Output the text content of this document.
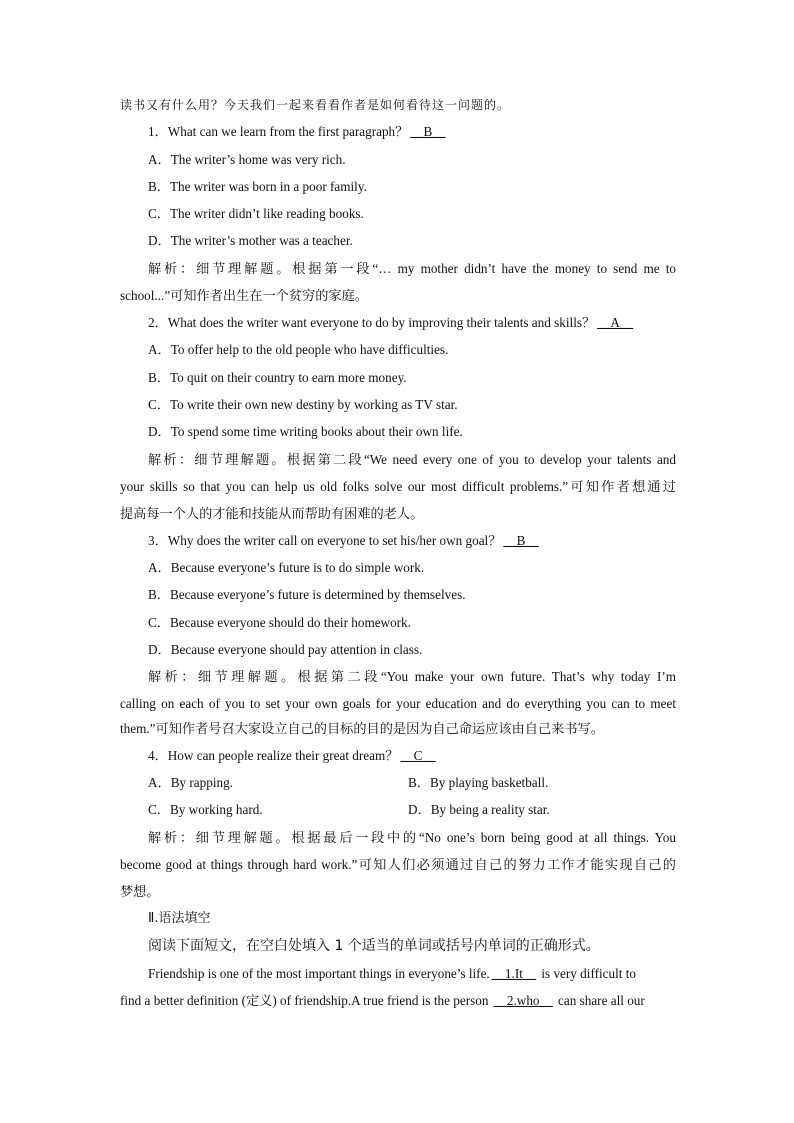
读书又有什么用？今天我们一起来看看作者是如何看待这一问题的。
1．What can we learn from the first paragraph？ __B__
A．The writer’s home was very rich.
B．The writer was born in a poor family.
C．The writer didn’t like reading books.
D．The writer’s mother was a teacher.
解析：细节理解题。根据第一段“… my mother didn’t have the money to send me to
school...”可知作者出生在一个贫穷的家庭。
2．What does the writer want everyone to do by improving their talents and skills？ __A__
A．To offer help to the old people who have difficulties.
B．To quit on their country to earn more money.
C．To write their own new destiny by working as TV star.
D．To spend some time writing books about their own life.
解析：细节理解题。根据第二段“We need every one of you to develop your talents and
your skills so that you can help us old folks solve our most difficult problems.”可知作者想通过
提高每一个人的才能和技能从而帮助有困难的老人。
3．Why does the writer call on everyone to set his/her own goal？ __B__
A．Because everyone’s future is to do simple work.
B．Because everyone’s future is determined by themselves.
C．Because everyone should do their homework.
D．Because everyone should pay attention in class.
解析：细节理解题。根据第二段“You make your own future. That’s why today I’m
calling on each of you to set your own goals for your education and do everything you can to meet
them.”可知作者号召大家设立自己的目标的目的是因为自己命运应该由自己来书写。
4．How can people realize their great dream？ __C__
A．By rapping.	B．By playing basketball.
C．By working hard.	D．By being a reality star.
解析：细节理解题。根据最后一段中的“No one’s born being good at all things. You
become good at things through hard work.”可知人们必须通过自己的努力工作才能实现自己的
梦想。
Ⅱ.语法填空
阅读下面短文，在空白处填入 1 个适当的单词或括号内单词的正确形式。
Friendship is one of the most important things in everyone’s life. __1.It__ is very difficult to
find a better definition (定义) of friendship.A true friend is the person __2.who__ can share all our
